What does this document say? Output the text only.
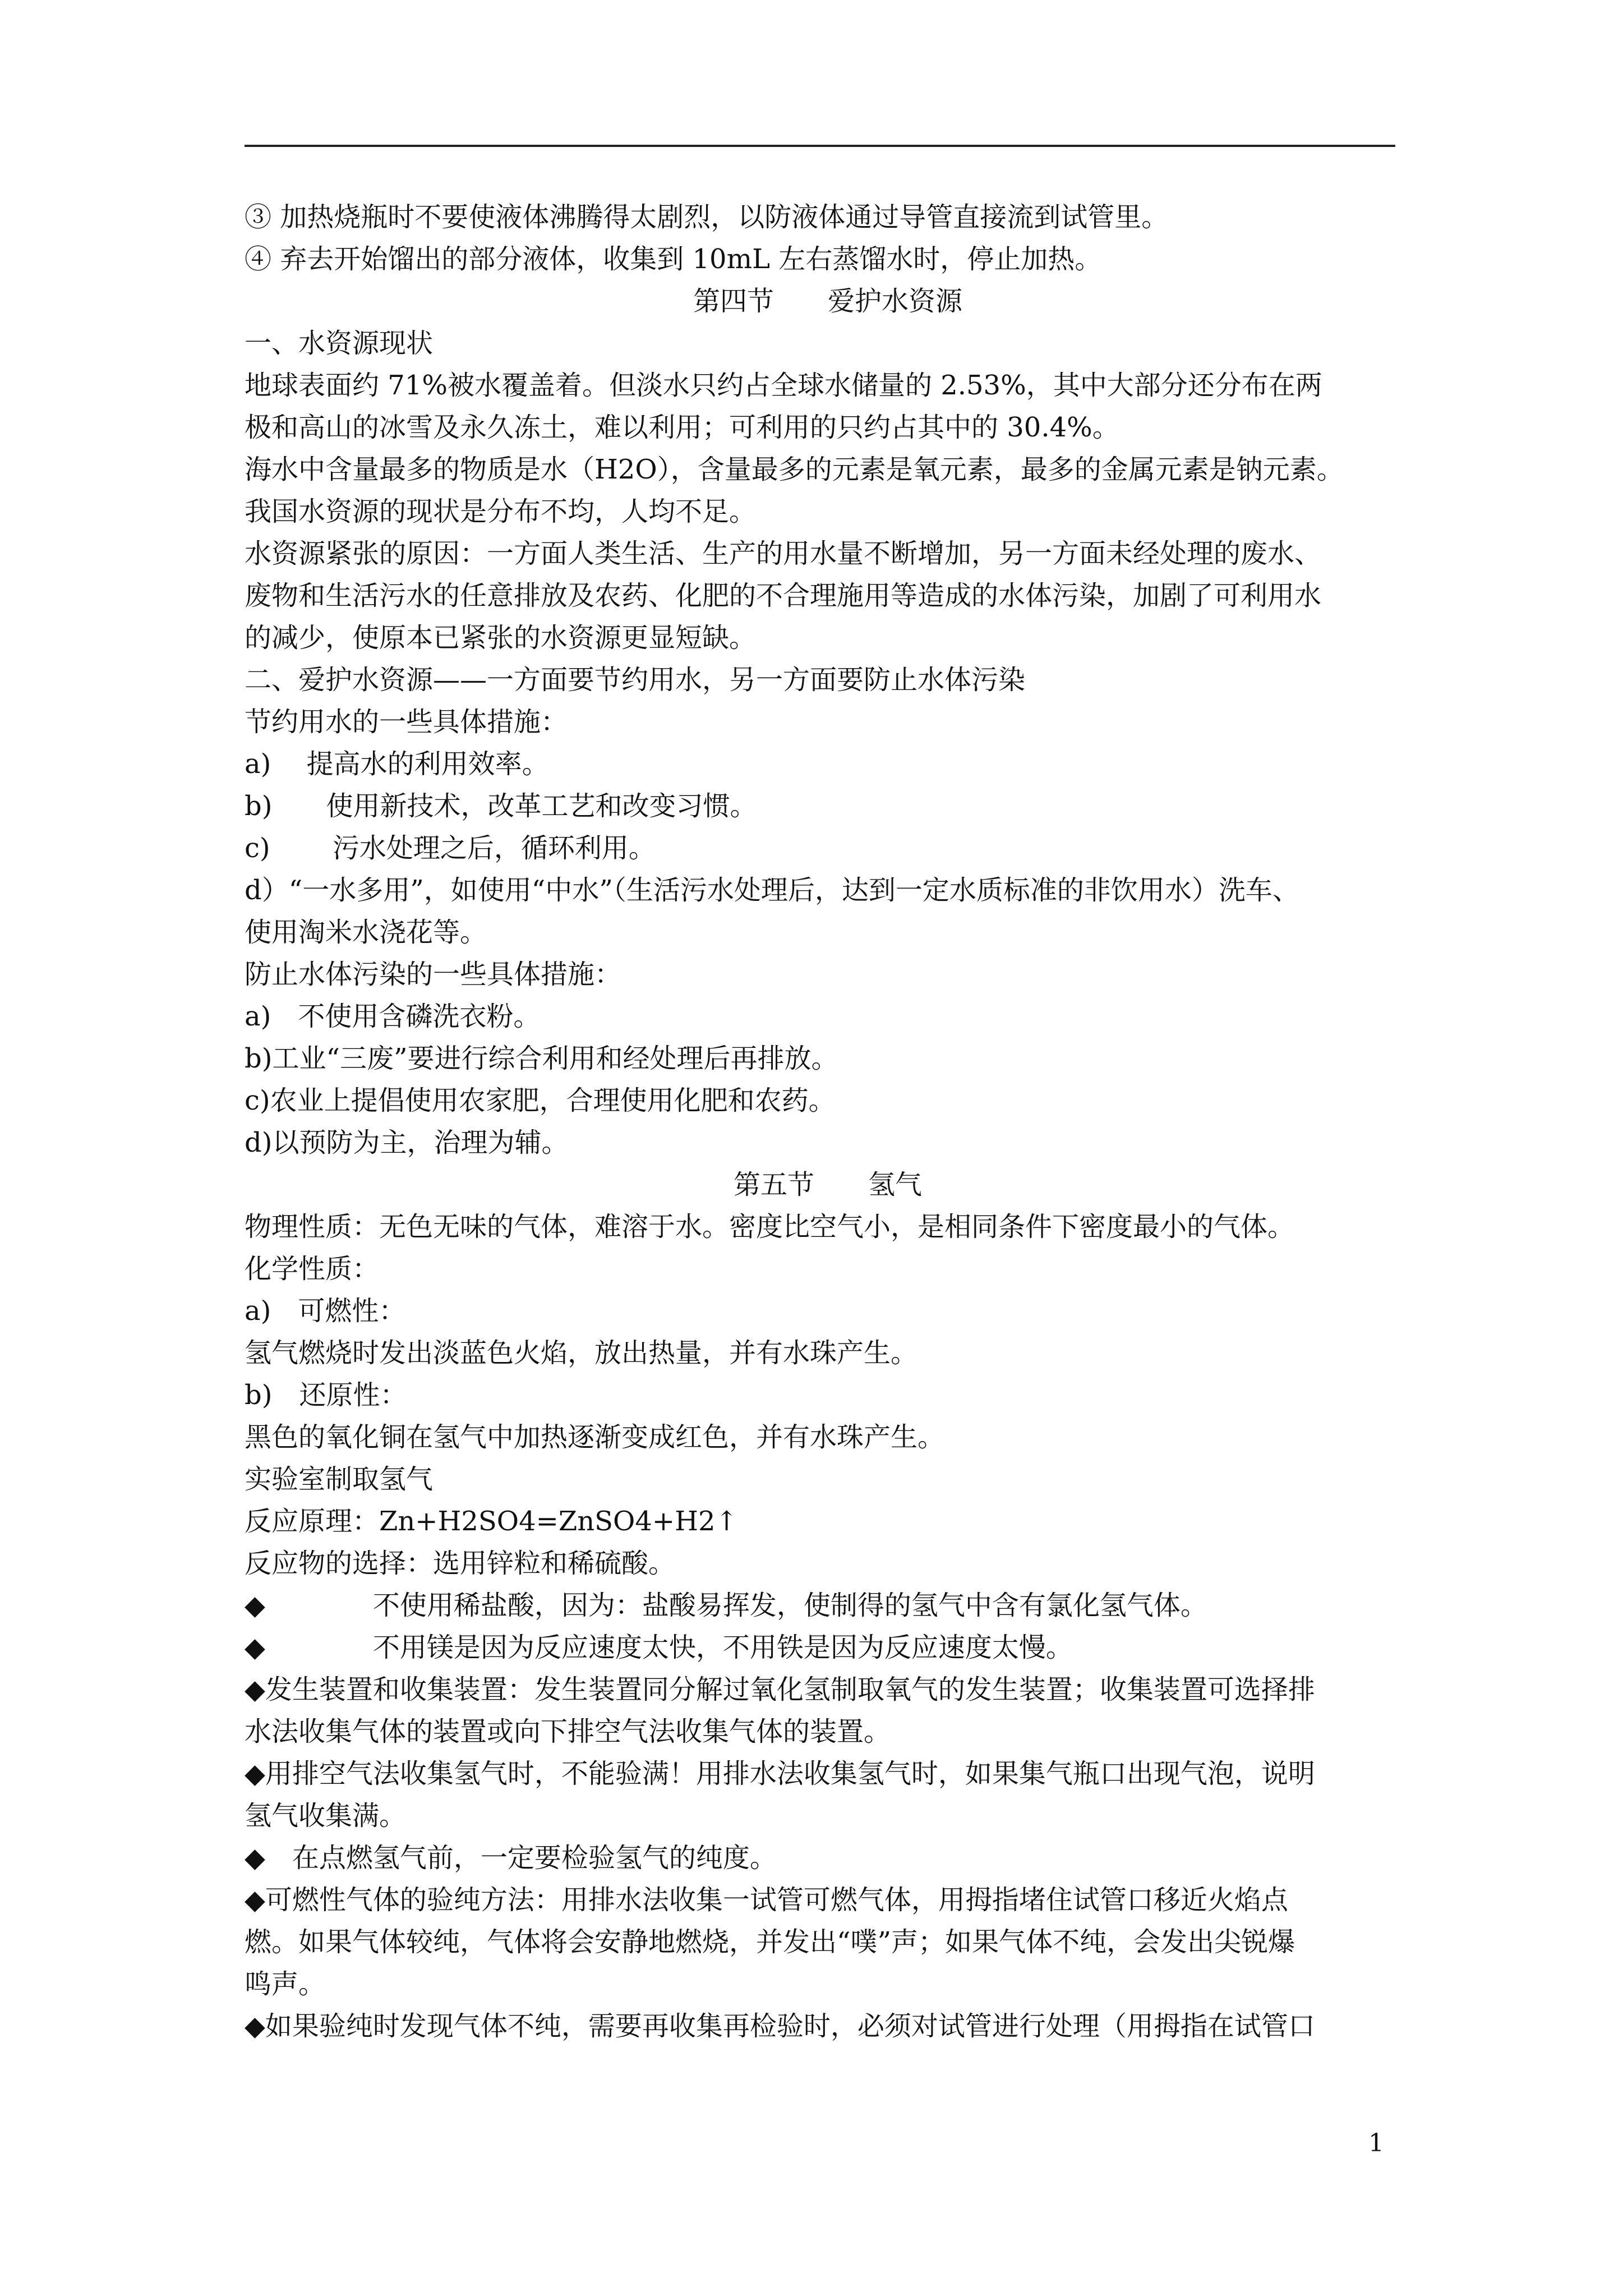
③ 加热烧瓶时不要使液体沸腾得太剧烈，以防液体通过导管直接流到试管里。
④ 弃去开始馏出的部分液体，收集到 10mL 左右蒸馏水时，停止加热。
第四节　　爱护水资源
一、水资源现状
地球表面约 71%被水覆盖着。但淡水只约占全球水储量的 2.53%，其中大部分还分布在两
极和高山的冰雪及永久冻土，难以利用；可利用的只约占其中的 30.4%。
海水中含量最多的物质是水（H2O），含量最多的元素是氧元素，最多的金属元素是钠元素。
我国水资源的现状是分布不均，人均不足。
水资源紧张的原因：一方面人类生活、生产的用水量不断增加，另一方面未经处理的废水、
废物和生活污水的任意排放及农药、化肥的不合理施用等造成的水体污染，加剧了可利用水
的减少，使原本已紧张的水资源更显短缺。
二、爱护水资源——一方面要节约用水，另一方面要防止水体污染
节约用水的一些具体措施：
a)　 提高水的利用效率。
b)　　使用新技术，改革工艺和改变习惯。
c)　　 污水处理之后，循环利用。
d）“一水多用”，如使用“中水”（生活污水处理后，达到一定水质标准的非饮用水）洗车、
使用淘米水浇花等。
防止水体污染的一些具体措施：
a)　不使用含磷洗衣粉。
b)工业“三废”要进行综合利用和经处理后再排放。
c)农业上提倡使用农家肥，合理使用化肥和农药。
d)以预防为主，治理为辅。
第五节　　氢气
物理性质：无色无味的气体，难溶于水。密度比空气小，是相同条件下密度最小的气体。
化学性质：
a)　可燃性：
氢气燃烧时发出淡蓝色火焰，放出热量，并有水珠产生。
b)　还原性：
黑色的氧化铜在氢气中加热逐渐变成红色，并有水珠产生。
实验室制取氢气
反应原理：Zn+H2SO4=ZnSO4+H2↑
反应物的选择：选用锌粒和稀硫酸。
◆　　　　不使用稀盐酸，因为：盐酸易挥发，使制得的氢气中含有氯化氢气体。
◆　　　　不用镁是因为反应速度太快，不用铁是因为反应速度太慢。
◆发生装置和收集装置：发生装置同分解过氧化氢制取氧气的发生装置；收集装置可选择排
水法收集气体的装置或向下排空气法收集气体的装置。
◆用排空气法收集氢气时，不能验满！用排水法收集氢气时，如果集气瓶口出现气泡，说明
氢气收集满。
◆　在点燃氢气前，一定要检验氢气的纯度。
◆可燃性气体的验纯方法：用排水法收集一试管可燃气体，用拇指堵住试管口移近火焰点
燃。如果气体较纯，气体将会安静地燃烧，并发出“噗”声；如果气体不纯，会发出尖锐爆
鸣声。
◆如果验纯时发现气体不纯，需要再收集再检验时，必须对试管进行处理（用拇指在试管口
1
